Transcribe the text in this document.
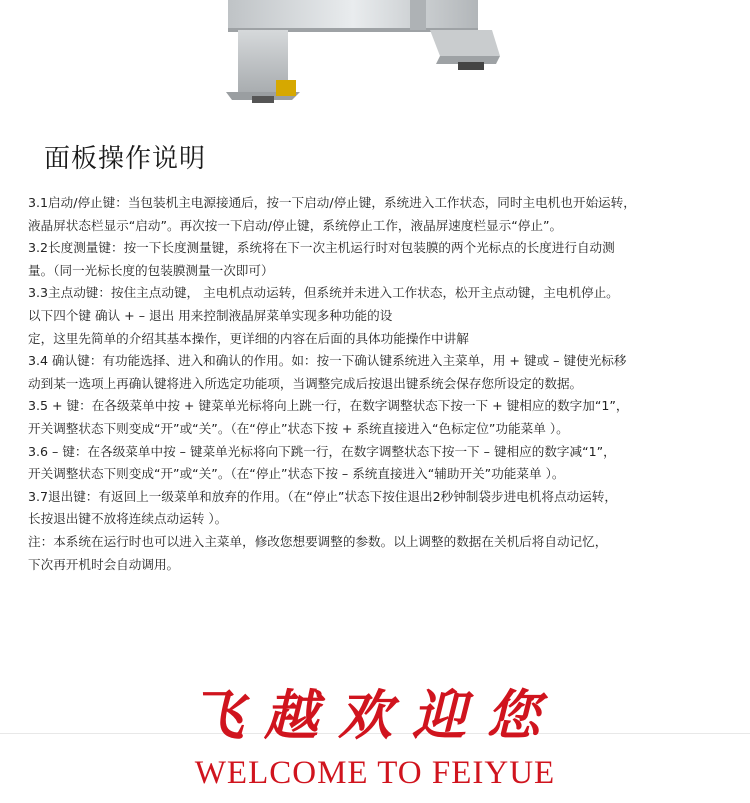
面板操作说明

3.1启动/停止键：当包装机主电源接通后，按一下启动/停止键，系统进入工作状态，同时主电机也开始运转，

液晶屏状态栏显示“启动”。再次按一下启动/停止键，系统停止工作，液晶屏速度栏显示“停止”。

3.2长度测量键：按一下长度测量键，系统将在下一次主机运行时对包装膜的两个光标点的长度进行自动测

量。（同一光标长度的包装膜测量一次即可）

3.3主点动键：按住主点动键， 主电机点动运转，但系统并未进入工作状态，松开主点动键，主电机停止。

以下四个键 确认 + – 退出 用来控制液晶屏菜单实现多种功能的设

定，这里先简单的介绍其基本操作，更详细的内容在后面的具体功能操作中讲解

3.4 确认键：有功能选择、进入和确认的作用。如：按一下确认键系统进入主菜单，用 + 键或 – 键使光标移

动到某一选项上再确认键将进入所选定功能项，当调整完成后按退出键系统会保存您所设定的数据。

3.5 + 键：在各级菜单中按 + 键菜单光标将向上跳一行，在数字调整状态下按一下 + 键相应的数字加“1”，

开关调整状态下则变成“开”或“关”。（在“停止”状态下按 + 系统直接进入“色标定位”功能菜单 ）。

3.6 – 键：在各级菜单中按 – 键菜单光标将向下跳一行，在数字调整状态下按一下 – 键相应的数字减“1”，

开关调整状态下则变成“开”或“关”。（在“停止”状态下按 – 系统直接进入“辅助开关”功能菜单 ）。

3.7退出键：有返回上一级菜单和放弃的作用。（在“停止”状态下按住退出2秒钟制袋步进电机将点动运转，

长按退出键不放将连续点动运转 ）。

注：本系统在运行时也可以进入主菜单，修改您想要调整的参数。以上调整的数据在关机后将自动记忆，

下次再开机时会自动调用。

飞越欢迎您
WELCOME TO FEIYUE
